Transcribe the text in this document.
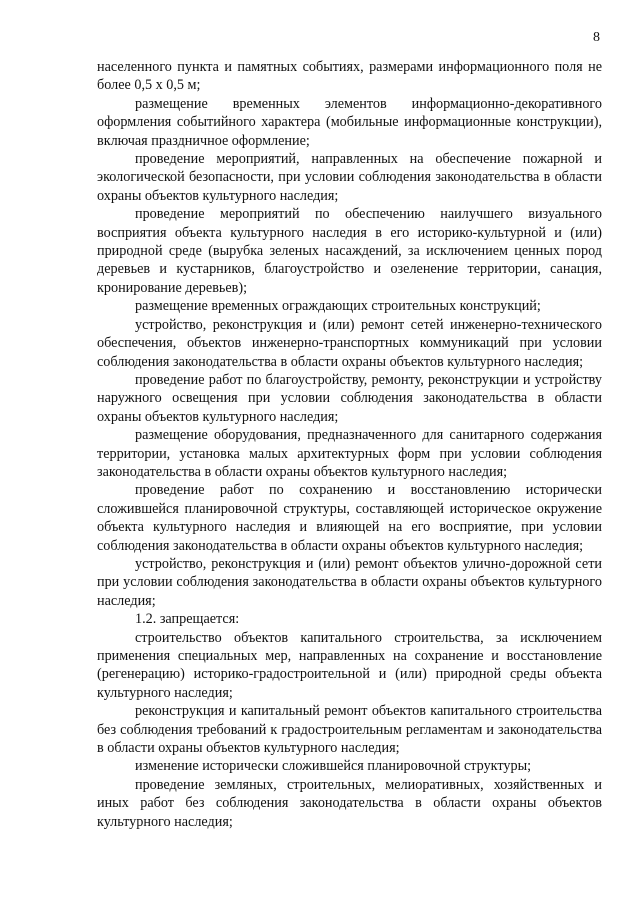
8

населенного пункта и памятных событиях, размерами информационного поля не более 0,5 х 0,5 м;

размещение временных элементов информационно-декоративного оформления событийного характера (мобильные информационные конструкции), включая праздничное оформление;

проведение мероприятий, направленных на обеспечение пожарной и экологической безопасности, при условии соблюдения законодательства в области охраны объектов культурного наследия;

проведение мероприятий по обеспечению наилучшего визуального восприятия объекта культурного наследия в его историко-культурной и (или) природной среде (вырубка зеленых насаждений, за исключением ценных пород деревьев и кустарников, благоустройство и озеленение территории, санация, кронирование деревьев);

размещение временных ограждающих строительных конструкций;

устройство, реконструкция и (или) ремонт сетей инженерно-технического обеспечения, объектов инженерно-транспортных коммуникаций при условии соблюдения законодательства в области охраны объектов культурного наследия;

проведение работ по благоустройству, ремонту, реконструкции и устройству наружного освещения при условии соблюдения законодательства в области охраны объектов культурного наследия;

размещение оборудования, предназначенного для санитарного содержания территории, установка малых архитектурных форм при условии соблюдения законодательства в области охраны объектов культурного наследия;

проведение работ по сохранению и восстановлению исторически сложившейся планировочной структуры, составляющей историческое окружение объекта культурного наследия и влияющей на его восприятие, при условии соблюдения законодательства в области охраны объектов культурного наследия;

устройство, реконструкция и (или) ремонт объектов улично-дорожной сети при условии соблюдения законодательства в области охраны объектов культурного наследия;

1.2. запрещается:

строительство объектов капитального строительства, за исключением применения специальных мер, направленных на сохранение и восстановление (регенерацию) историко-градостроительной и (или) природной среды объекта культурного наследия;

реконструкция и капитальный ремонт объектов капитального строительства без соблюдения требований к градостроительным регламентам и законодательства в области охраны объектов культурного наследия;

изменение исторически сложившейся планировочной структуры;

проведение земляных, строительных, мелиоративных, хозяйственных и иных работ без соблюдения законодательства в области охраны объектов культурного наследия;
